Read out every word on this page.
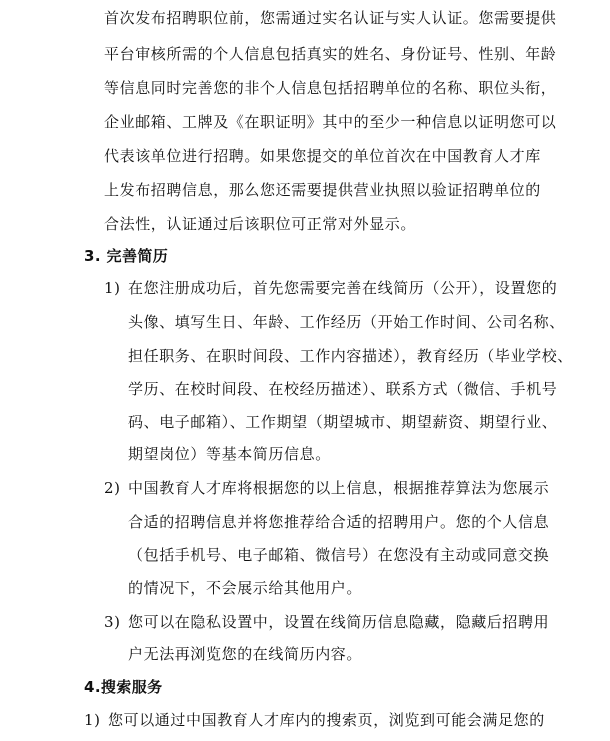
首次发布招聘职位前，您需通过实名认证与实人认证。您需要提供
平台审核所需的个人信息包括真实的姓名、身份证号、性别、年龄
等信息同时完善您的非个人信息包括招聘单位的名称、职位头衔，
企业邮箱、工牌及《在职证明》其中的至少一种信息以证明您可以
代表该单位进行招聘。如果您提交的单位首次在中国教育人才库
上发布招聘信息，那么您还需要提供营业执照以验证招聘单位的
合法性，认证通过后该职位可正常对外显示。
3. 完善简历
1) 在您注册成功后，首先您需要完善在线简历（公开），设置您的
头像、填写生日、年龄、工作经历（开始工作时间、公司名称、
担任职务、在职时间段、工作内容描述），教育经历（毕业学校、
学历、在校时间段、在校经历描述）、联系方式（微信、手机号
码、电子邮箱）、工作期望（期望城市、期望薪资、期望行业、
期望岗位）等基本简历信息。
2) 中国教育人才库将根据您的以上信息，根据推荐算法为您展示
合适的招聘信息并将您推荐给合适的招聘用户。您的个人信息
（包括手机号、电子邮箱、微信号）在您没有主动或同意交换
的情况下，不会展示给其他用户。
3) 您可以在隐私设置中，设置在线简历信息隐藏，隐藏后招聘用
户无法再浏览您的在线简历内容。
4.搜索服务
1) 您可以通过中国教育人才库内的搜索页，浏览到可能会满足您的
